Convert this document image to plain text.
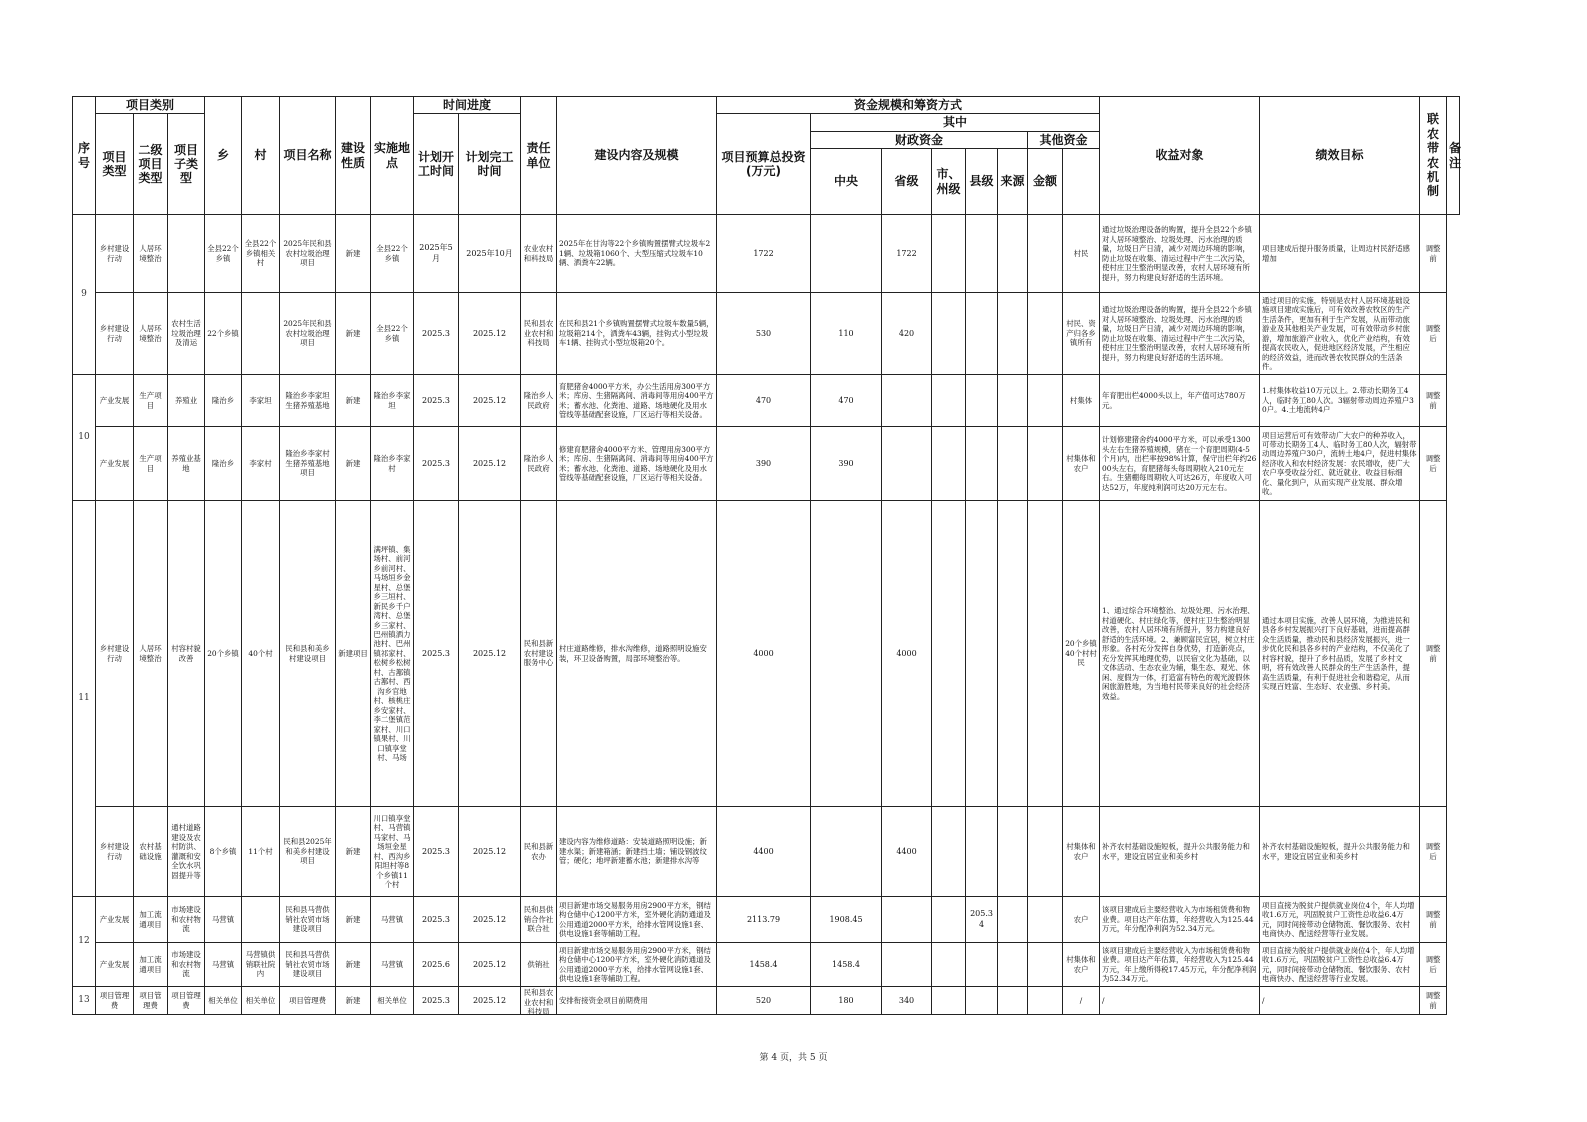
序号	项目类别			乡	村	项目名称	建设性质	实施地点	时间进度		责任单位	建设内容及规模	资金规模和筹资方式								收益对象	绩效目标	联农带农机制	备注
	项目类型	二级项目类型	项目子类型						计划开工时间	计划完工时间			项目预算总投资(万元)	其中										
														财政资金					其他资金					
														中央	省级	市、州级	县级	来源	金额					
9	乡村建设行动	人居环境整治		全县22个乡镇	全县22个乡镇相关村	2025年民和县农村垃圾治理项目	新建	全县22个乡镇	2025年5月	2025年10月	农业农村和科技局	2025年在甘沟等22个乡镇购置摆臂式垃圾车21辆、垃圾箱1060个、大型压缩式垃圾车10辆、洒粪车22辆。	1722		1722					村民	通过垃圾治理设备的购置，提升全县22个乡镇对人居环境整治、垃圾处理、污水治理的质量，垃圾日产日清，减少对周边环境的影响，防止垃圾在收集、清运过程中产生二次污染，使村庄卫生整治明显改善，农村人居环境有所提升，努力构建良好舒适的生活环境。	项目建成后提升服务质量，让周边村民舒适感增加	调整前	

	乡村建设行动	人居环境整治	农村生活垃圾治理及清运	22个乡镇		2025年民和县农村垃圾治理项目	新建	全县22个乡镇	2025.3	2025.12	民和县农业农村和科技局	在民和县21个乡镇购置摆臂式垃圾车数量5辆，垃圾箱214个，洒粪车43辆，挂钩式小型垃圾车1辆、挂钩式小型垃圾箱20个。	530	110	420					村民、资产归各乡镇所有	通过垃圾治理设备的购置，提升全县22个乡镇对人居环境整治、垃圾处理、污水治理的质量，垃圾日产日清，减少对周边环境的影响，防止垃圾在收集、清运过程中产生二次污染，使村庄卫生整治明显改善，农村人居环境有所提升，努力构建良好舒适的生活环境。	通过项目的实施，特别是农村人居环境基础设施项目建成实施后，可有效改善农牧区的生产生活条件，更加有利于生产发展，从而带动旅游业及其他相关产业发展，可有效带动乡村旅游，增加旅游产业收入，优化产业结构，有效提高农民收入，促进地区经济发展，产生相应的经济效益，进而改善农牧民群众的生活条件。	调整后	

10	产业发展	生产项目	养殖业	隆治乡	李家坦	隆治乡李家坦生猪养殖基地	新建	隆治乡李家坦	2025.3	2025.12	隆治乡人民政府	育肥猪舍4000平方米，办公生活用房300平方米；库房、生猪隔离间、消毒间等用房400平方米；蓄水池、化粪池、道路、场地硬化及用水管线等基础配套设施，厂区运行等相关设备。	470	470						村集体	年育肥出栏4000头以上，年产值可达780万元。	1.村集体收益10万元以上。2.带动长期务工4人，临时务工80人次。3辐射带动周边养殖户30户。4.土地流转4户	调整前	

	产业发展	生产项目	养殖业基地	隆治乡	李家村	隆治乡李家村生猪养殖基地项目	新建	隆治乡李家村	2025.3	2025.12	隆治乡人民政府	修建育肥猪舍4000平方米、管理用房300平方米；库房、生猪隔离间、消毒间等用房400平方米；蓄水池、化粪池、道路、场地硬化及用水管线等基础配套设施，厂区运行等相关设备。	390	390						村集体和农户	计划修建猪舍约4000平方米，可以承受1300头左右生猪养殖规模，猪在一个育肥周期(4-5个月)内，出栏率按98%计算，保守出栏年约2600头左右，育肥猪每头每周期收入210元左右。生猪棚每周期收入可达26万，年度收入可达52万，年度纯利润可达20万元左右。	项目运营后可有效带动广大农户的种养收入，可带动长期务工4人、临时务工80人次，辐射带动周边养殖户30户，流转土地4户，促进村集体经济收入和农村经济发展：农民增收，使广大农户享受收益分红、就近就业、收益目标细化、量化到户，从而实现产业发展、群众增收。	调整后	

11	乡村建设行动	人居环境整治	村容村貌改善	20个乡镇	40个村	民和县和美乡村建设项目	新建项目	满坪镇、集场村、前河乡前河村、马场垣乡金星村、总堡乡三垣村、新民乡千户湾村、总堡乡三家村、巴州镇洒力池村、巴州镇祁家村、松树乡松树村、古鄯镇古鄯村、西沟乡官地村、核桃庄乡安家村、李二堡镇范家村、川口镇果村、川口镇享堂村、马场	2025.3	2025.12	民和县新农村建设服务中心	村庄道路维修，排水沟维修，道路照明设施安装，环卫设备购置，局部环境整治等。	4000		4000					20个乡镇40个村村民	1、通过综合环境整治、垃圾处理、污水治理、村道硬化、村庄绿化等，使村庄卫生整治明显改善，农村人居环境有所提升，努力构建良好舒适的生活环境。2、兼顾富民宜居，树立村庄形象。各村充分发挥自身优势，打造新亮点，充分发挥其地理优势，以民宿文化为基础，以文体活动、生态农业为辅，集生态、观光、休闲、度假为一体，打造富有特色的观光渡假休闲旅游胜地，为当地村民带来良好的社会经济效益。	通过本项目实施，改善人居环境，为推进民和县各乡村发展振兴打下良好基础，进而提高群众生活质量，推动民和县经济发展振兴，进一步优化民和县各乡村的产业结构，不仅美化了村容村貌，提升了乡村品质，发展了乡村文明，将有效改善人民群众的生产生活条件，提高生活质量，有利于促进社会和谐稳定，从而实现百姓富、生态好、农业强、乡村美。	调整前	

	乡村建设行动	农村基础设施	通村道路建设及农村防洪、灌溉和安全饮水巩固提升等	8个乡镇	11个村	民和县2025年和美乡村建设项目	新建	川口镇享堂村、马营镇马家村、马场垣金星村、西沟乡阳坦村等8个乡镇11个村	2025.3	2025.12	民和县新农办	建设内容为维修道路：安装道路照明设施；新建水渠；新建箱涵；新建挡土墙；铺设钢波纹管；硬化；地坪新建蓄水池；新建排水沟等	4400		4400					村集体和农户	补齐农村基础设施短板，提升公共服务能力和水平，建设宜居宜业和美乡村	补齐农村基础设施短板，提升公共服务能力和水平，建设宜居宜业和美乡村	调整后	

12	产业发展	加工流通项目	市场建设和农村物流	马营镇		民和县马营供销社农贸市场建设项目	新建	马营镇	2025.3	2025.12	民和县供销合作社联合社	项目新建市场交易服务用房2900平方米，钢结构仓储中心1200平方米，室外硬化消防通道及公用通道2000平方米，给排水管网设施1套、供电设施1套等辅助工程。	2113.79	1908.45			205.34			农户	该项目建成后主要经营收入为市场租赁费和物业费。项目达产年估算，年经营收入为125.44万元，年分配净利润为52.34万元。	项目直接为脱贫户提供就业岗位4个，年人均增收1.6万元，巩固脱贫户工资性总收益6.4万元，同时间接带动仓储物流、餐饮服务、农村电商快办、配送经营等行业发展。	调整前	

	产业发展	加工流通项目	市场建设和农村物流	马营镇	马营镇供销联社院内	民和县马营供销社农贸市场建设项目	新建	马营镇	2025.6	2025.12	供销社	项目新建市场交易服务用房2900平方米，钢结构仓储中心1200平方米，室外硬化消防通道及公用通道2000平方米，给排水管网设施1套、供电设施1套等辅助工程。	1458.4	1458.4						村集体和农户	该项目建成后主要经营收入为市场租赁费和物业费。项目达产年估算，年经营收入为125.44万元，年上缴所得税17.45万元，年分配净利润为52.34万元。	项目直接为脱贫户提供就业岗位4个，年人均增收1.6万元，巩固脱贫户工资性总收益6.4万元，同时间接带动仓储物流、餐饮服务、农村电商快办、配送经营等行业发展。	调整后	

13	项目管理费	项目管理费	项目管理费	相关单位	相关单位	项目管理费	新建	相关单位	2025.3	2025.12	民和县农业农村和科技局	安排衔接资金项目前期费用	520	180	340					/	/	/	调整前	
第 4 页，共 5 页
